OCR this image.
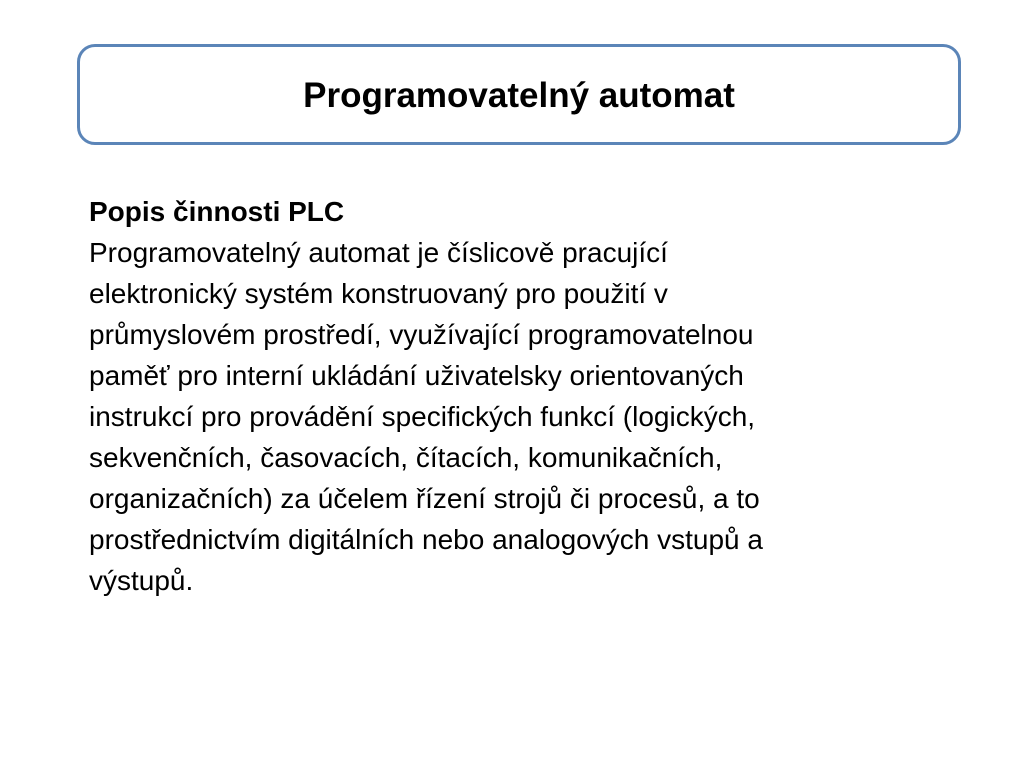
Programovatelný automat
Popis činnosti PLC
Programovatelný automat je číslicově pracující
elektronický systém konstruovaný pro použití v
průmyslovém prostředí, využívající programovatelnou
paměť pro interní ukládání uživatelsky orientovaných
instrukcí pro provádění specifických funkcí (logických,
sekvenčních, časovacích, čítacích, komunikačních,
organizačních) za účelem řízení strojů či procesů, a to
prostřednictvím digitálních nebo analogových vstupů a
výstupů.
